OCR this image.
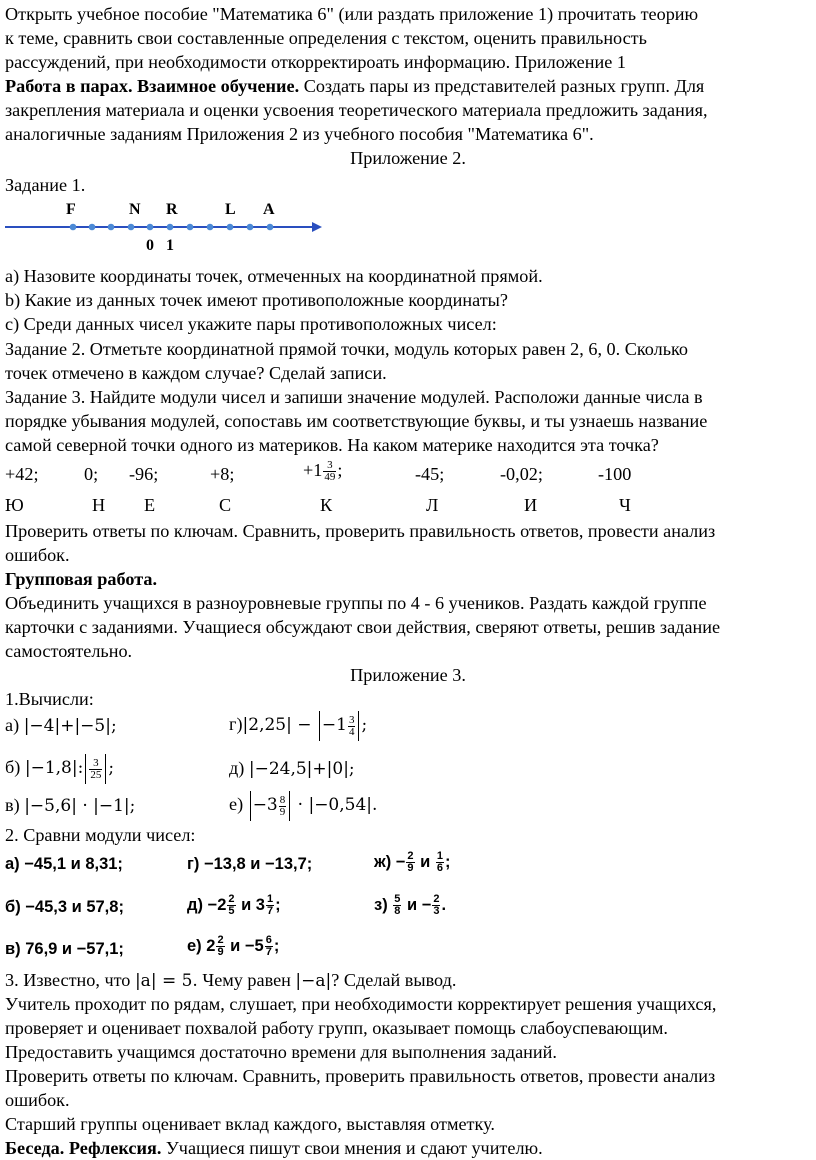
Открыть учебное пособие "Математика 6" (или раздать приложение 1) прочитать теорию
к теме, сравнить свои составленные определения с текстом, оценить правильность
рассуждений, при необходимости откорректироать информацию. Приложение 1
Работа в парах. Взаимное обучение. Создать пары из представителей разных групп. Для
закрепления материала и оценки усвоения теоретического материала предложить задания,
аналогичные заданиям Приложения 2 из учебного пособия "Математика 6".
Приложение 2.
Задание 1.
F	N R	L A
0 1
а) Назовите координаты точек, отмеченных на координатной прямой.
b) Какие из данных точек имеют противоположные координаты?
с) Среди данных чисел укажите пары противоположных чисел:
Задание 2. Отметьте координатной прямой точки, модуль которых равен 2, 6, 0. Сколько
точек отмечено в каждом случае? Сделай записи.
Задание 3. Найдите модули чисел и запиши значение модулей. Расположи данные числа в
порядке убывания модулей, сопоставь им соответствующие буквы, и ты узнаешь название
самой северной точки одного из материков. На каком материке находится эта точка?
+42;	0; -96;	+8;	$+1 \frac{3}{49}$ ;	-45;	-0,02;	-100
Ю	Н Е	С	К	Л	И	Ч
Проверить ответы по ключам. Сравнить, проверить правильность ответов, провести анализ
ошибок.
Групповая работа.
Объединить учащихся в разноуровневые группы по 4 - 6 учеников. Раздать каждой группе
карточки с заданиями. Учащиеся обсуждают свои действия, сверяют ответы, решив задание
самостоятельно.
Приложение 3.
1.Вычисли:
а) |−4|+|−5|;	$г)|2,25| - -1 \frac{3}{4}$ ;
б) |−1,8|: $\frac{3}{25}$ ;	д) |−24,5|+|0|;
в) |−5,6| · |−1|;	$е) -3 \frac{8}{9} \cdot |-0,54|$.
2. Сравни модули чисел:
а) −45,1 и 8,31;	г) −13,8 и −13,7;	$ж) - \frac{2}{9}$ и $\frac{1}{6}$ ;
б) −45,3 и 57,8;	$д) -2 \frac{2}{5}$ и $3 \frac{1}{7}$ ;	$з) \frac{5}{8}$ $и - \frac{2}{3}$ .
в) 76,9 и −57,1;	е) $2 \frac{2}{9}$ $и -5 \frac{6}{7}$ ;
3. Известно, что |a| = 5. Чему равен |−a|? Сделай вывод.
Учитель проходит по рядам, слушает, при необходимости корректирует решения учащихся,
проверяет и оценивает похвалой работу групп, оказывает помощь слабоуспевающим.
Предоставить учащимся достаточно времени для выполнения заданий.
Проверить ответы по ключам. Сравнить, проверить правильность ответов, провести анализ
ошибок.
Старший группы оценивает вклад каждого, выставляя отметку.
Беседа. Рефлексия. Учащиеся пишут свои мнения и сдают учителю.
